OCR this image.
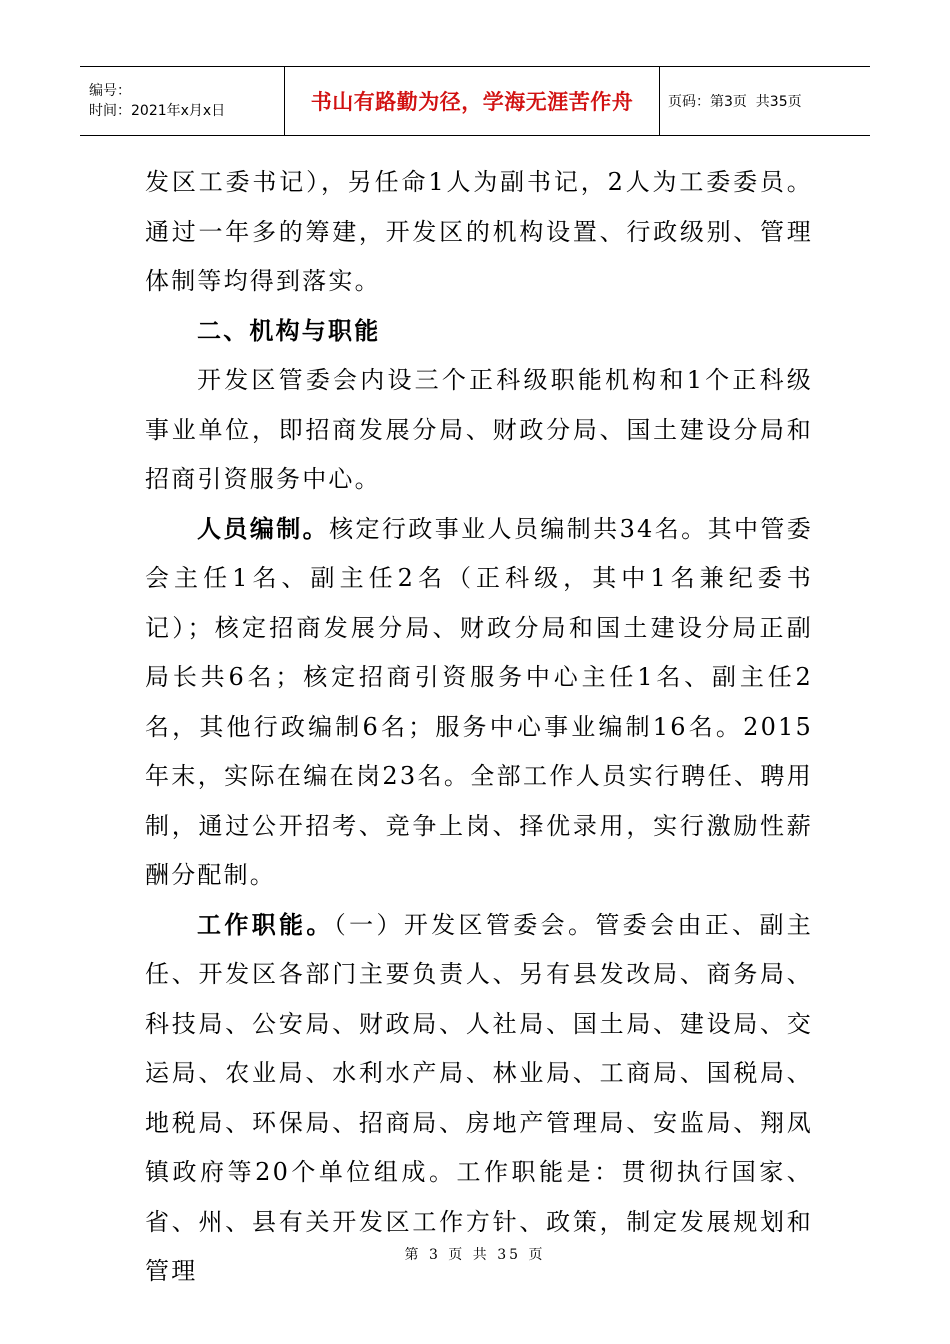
编号：
时间：2021年x月x日	书山有路勤为径，学海无涯苦作舟 页码：第3页  共35页

发区工委书记），另任命1人为副书记，2人为工委委员。通过一年多的筹建，开发区的机构设置、行政级别、管理体制等均得到落实。

二、机构与职能

开发区管委会内设三个正科级职能机构和1个正科级事业单位，即招商发展分局、财政分局、国土建设分局和招商引资服务中心。

人员编制。核定行政事业人员编制共34名。其中管委会主任1名、副主任2名（正科级，其中1名兼纪委书记）；核定招商发展分局、财政分局和国土建设分局正副局长共6名；核定招商引资服务中心主任1名、副主任2名，其他行政编制6名；服务中心事业编制16名。2015年末，实际在编在岗23名。全部工作人员实行聘任、聘用制，通过公开招考、竞争上岗、择优录用，实行激励性薪酬分配制。

工作职能。（一）开发区管委会。管委会由正、副主任、开发区各部门主要负责人、另有县发改局、商务局、科技局、公安局、财政局、人社局、国土局、建设局、交运局、农业局、水利水产局、林业局、工商局、国税局、地税局、环保局、招商局、房地产管理局、安监局、翔凤镇政府等20个单位组成。工作职能是：贯彻执行国家、省、州、县有关开发区工作方针、政策，制定发展规划和管理

第 3 页 共 35 页
